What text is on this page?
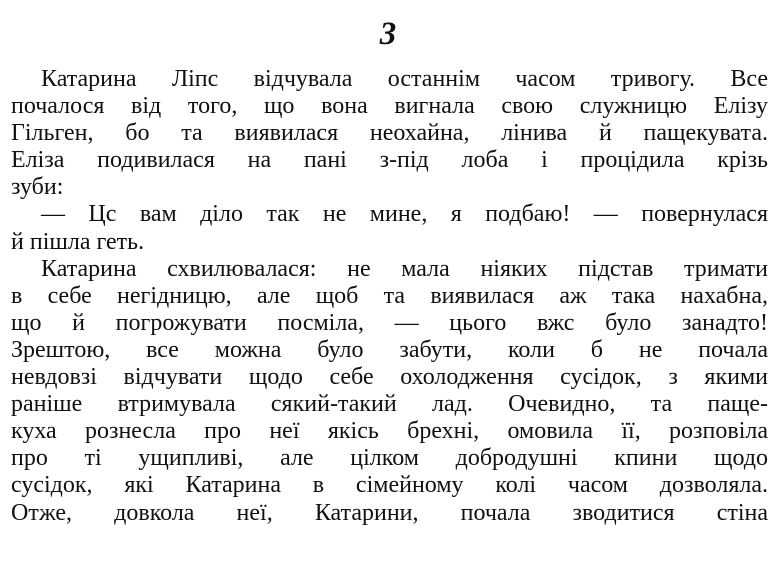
3
Катарина Ліпс відчувала останнім часом тривогу. Все
почалося від того, що вона вигнала свою служницю Елізу
Гільген, бо та виявилася неохайна, лінива й пащекувата.
Еліза подивилася на пані з-під лоба і процідила крізь
зуби:
— Цс вам діло так не мине, я подбаю! — повернулася
й пішла геть.
Катарина схвилювалася: не мала ніяких підстав тримати
в себе негідницю, але щоб та виявилася аж така нахабна,
що й погрожувати посміла, — цього вжс було занадто!
Зрештою, все можна було забути, коли б не почала
невдовзі відчувати щодо себе охолодження сусідок, з якими
раніше втримувала сякий-такий лад. Очевидно, та паще-
куха рознесла про неї якісь брехні, омовила її, розповіла
про ті ущипливі, але цілком добродушні кпини щодо
сусідок, які Катарина в сімейному колі часом дозволяла.
Отже, довкола неї, Катарини, почала зводитися стіна
